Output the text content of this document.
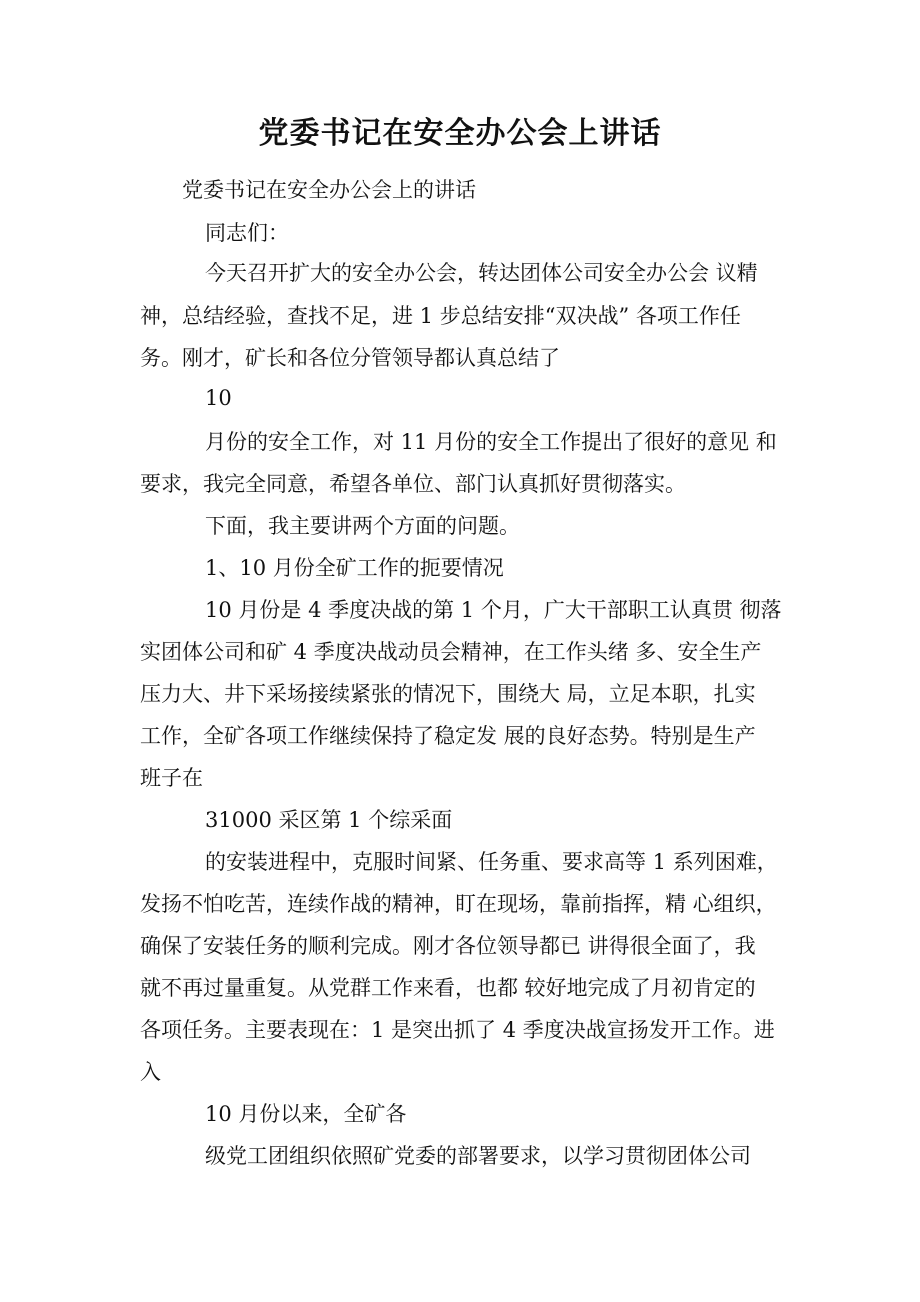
党委书记在安全办公会上讲话
党委书记在安全办公会上的讲话
同志们：
今天召开扩大的安全办公会，转达团体公司安全办公会 议精
神，总结经验，查找不足，进 1 步总结安排“双决战” 各项工作任
务。刚才，矿长和各位分管领导都认真总结了
10
月份的安全工作，对 11 月份的安全工作提出了很好的意见 和
要求，我完全同意，希望各单位、部门认真抓好贯彻落实。
下面，我主要讲两个方面的问题。
1、10 月份全矿工作的扼要情况
10 月份是 4 季度决战的第 1 个月，广大干部职工认真贯 彻落
实团体公司和矿 4 季度决战动员会精神，在工作头绪 多、安全生产
压力大、井下采场接续紧张的情况下，围绕大 局，立足本职，扎实
工作，全矿各项工作继续保持了稳定发 展的良好态势。特别是生产
班子在
31000 采区第 1 个综采面
的安装进程中，克服时间紧、任务重、要求高等 1 系列困难，
发扬不怕吃苦，连续作战的精神，盯在现场，靠前指挥，精 心组织，
确保了安装任务的顺利完成。刚才各位领导都已 讲得很全面了，我
就不再过量重复。从党群工作来看，也都 较好地完成了月初肯定的
各项任务。主要表现在：1 是突出抓了 4 季度决战宣扬发开工作。进
入
10 月份以来，全矿各
级党工团组织依照矿党委的部署要求，以学习贯彻团体公司
